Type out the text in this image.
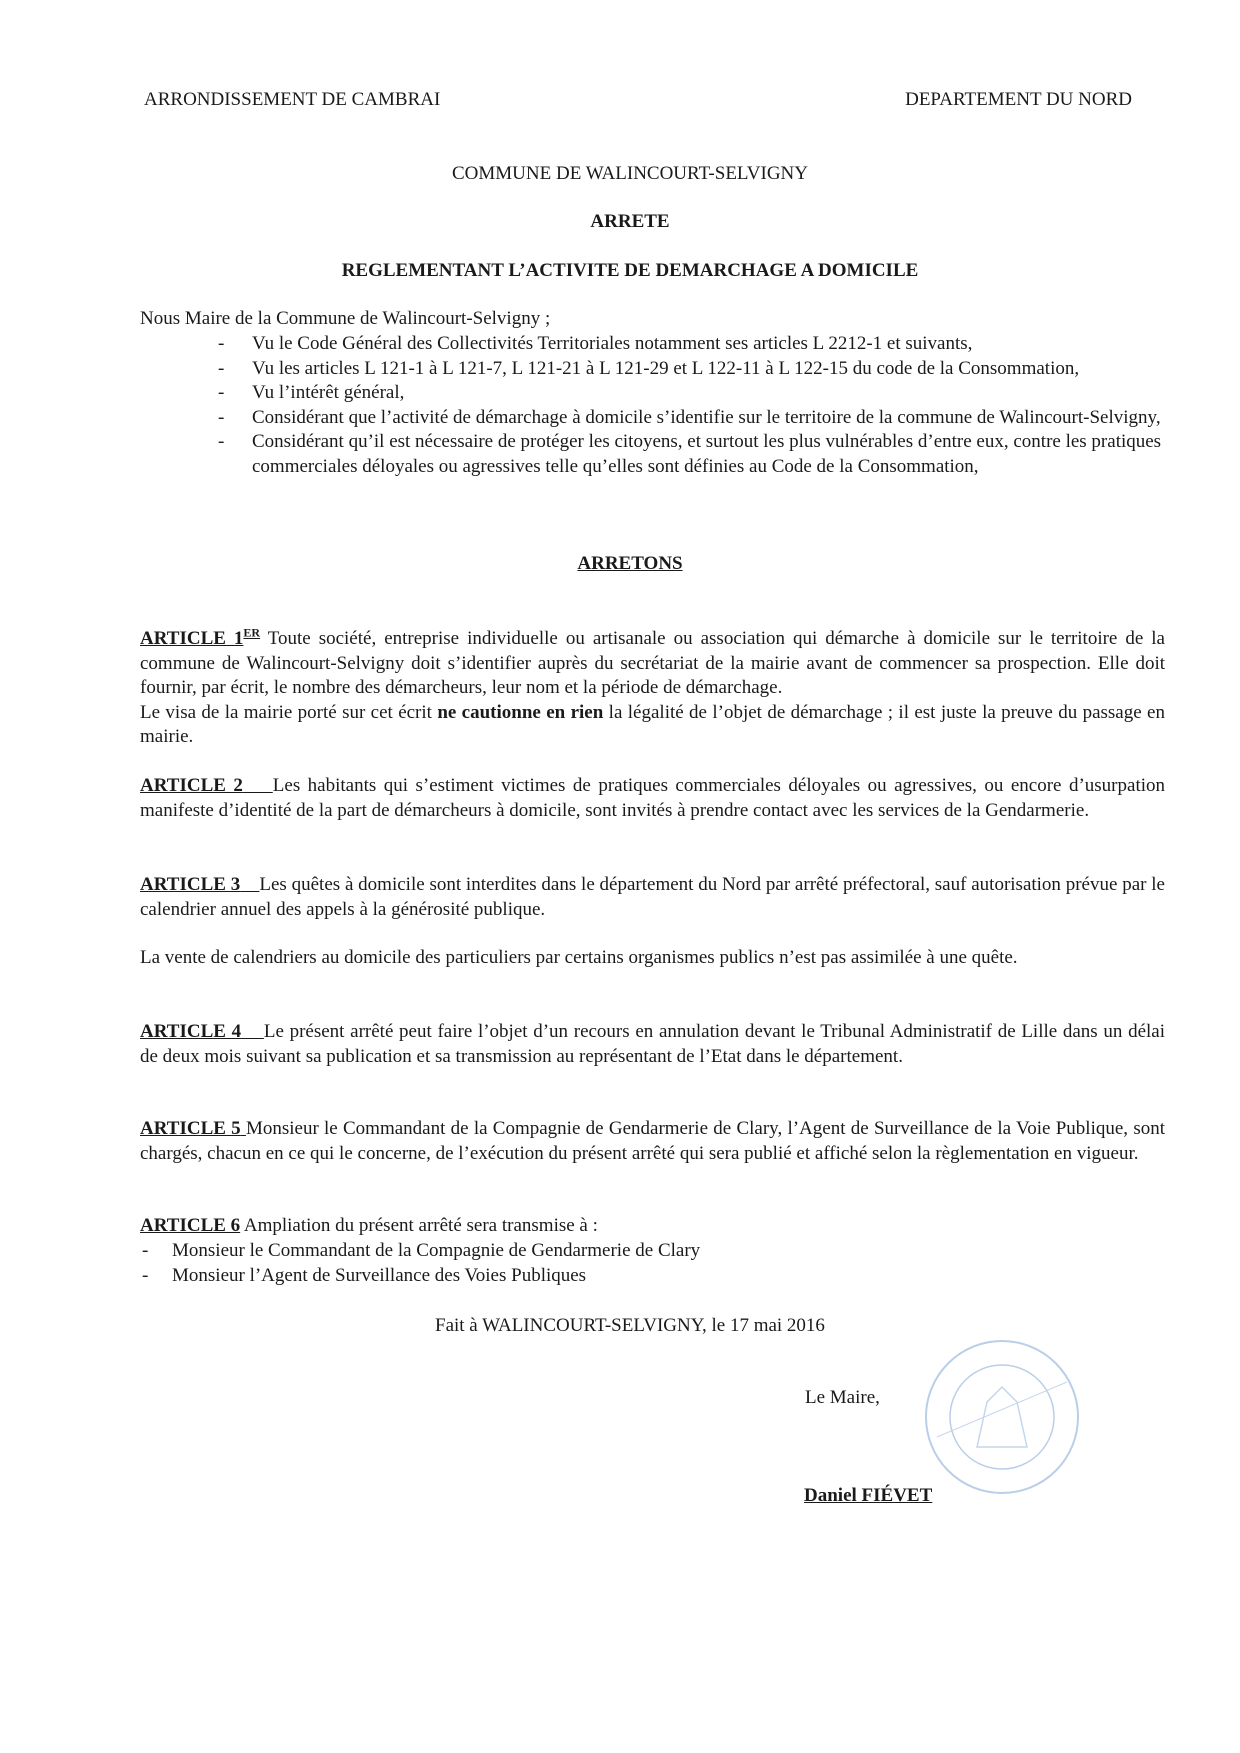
ARRONDISSEMENT DE CAMBRAI	DEPARTEMENT DU NORD
COMMUNE DE WALINCOURT-SELVIGNY
ARRETE
REGLEMENTANT L’ACTIVITE DE DEMARCHAGE A DOMICILE
Nous Maire de la Commune de Walincourt-Selvigny ;
- Vu le Code Général des Collectivités Territoriales notamment ses articles L 2212-1 et suivants,
- Vu les articles L 121-1 à L 121-7, L 121-21 à L 121-29 et L 122-11 à L 122-15 du code de la Consommation,
- Vu l’intérêt général,
- Considérant que l’activité de démarchage à domicile s’identifie sur le territoire de la commune de Walincourt-Selvigny,
- Considérant qu’il est nécessaire de protéger les citoyens, et surtout les plus vulnérables d’entre eux, contre les pratiques commerciales déloyales ou agressives telle qu’elles sont définies au Code de la Consommation,
ARRETONS
ARTICLE 1ER Toute société, entreprise individuelle ou artisanale ou association qui démarche à domicile sur le territoire de la commune de Walincourt-Selvigny doit s’identifier auprès du secrétariat de la mairie avant de commencer sa prospection. Elle doit fournir, par écrit, le nombre des démarcheurs, leur nom et la période de démarchage.
Le visa de la mairie porté sur cet écrit ne cautionne en rien la légalité de l’objet de démarchage ; il est juste la preuve du passage en mairie.
ARTICLE 2 Les habitants qui s’estiment victimes de pratiques commerciales déloyales ou agressives, ou encore d’usurpation manifeste d’identité de la part de démarcheurs à domicile, sont invités à prendre contact avec les services de la Gendarmerie.
ARTICLE 3 Les quêtes à domicile sont interdites dans le département du Nord par arrêté préfectoral, sauf autorisation prévue par le calendrier annuel des appels à la générosité publique.
La vente de calendriers au domicile des particuliers par certains organismes publics n’est pas assimilée à une quête.
ARTICLE 4 Le présent arrêté peut faire l’objet d’un recours en annulation devant le Tribunal Administratif de Lille dans un délai de deux mois suivant sa publication et sa transmission au représentant de l’Etat dans le département.
ARTICLE 5 Monsieur le Commandant de la Compagnie de Gendarmerie de Clary, l’Agent de Surveillance de la Voie Publique, sont chargés, chacun en ce qui le concerne, de l’exécution du présent arrêté qui sera publié et affiché selon la règlementation en vigueur.
ARTICLE 6 Ampliation du présent arrêté sera transmise à :
- Monsieur le Commandant de la Compagnie de Gendarmerie de Clary
- Monsieur l’Agent de Surveillance des Voies Publiques
Fait à WALINCOURT-SELVIGNY, le 17 mai 2016
Le Maire,
Daniel FIÉVET
